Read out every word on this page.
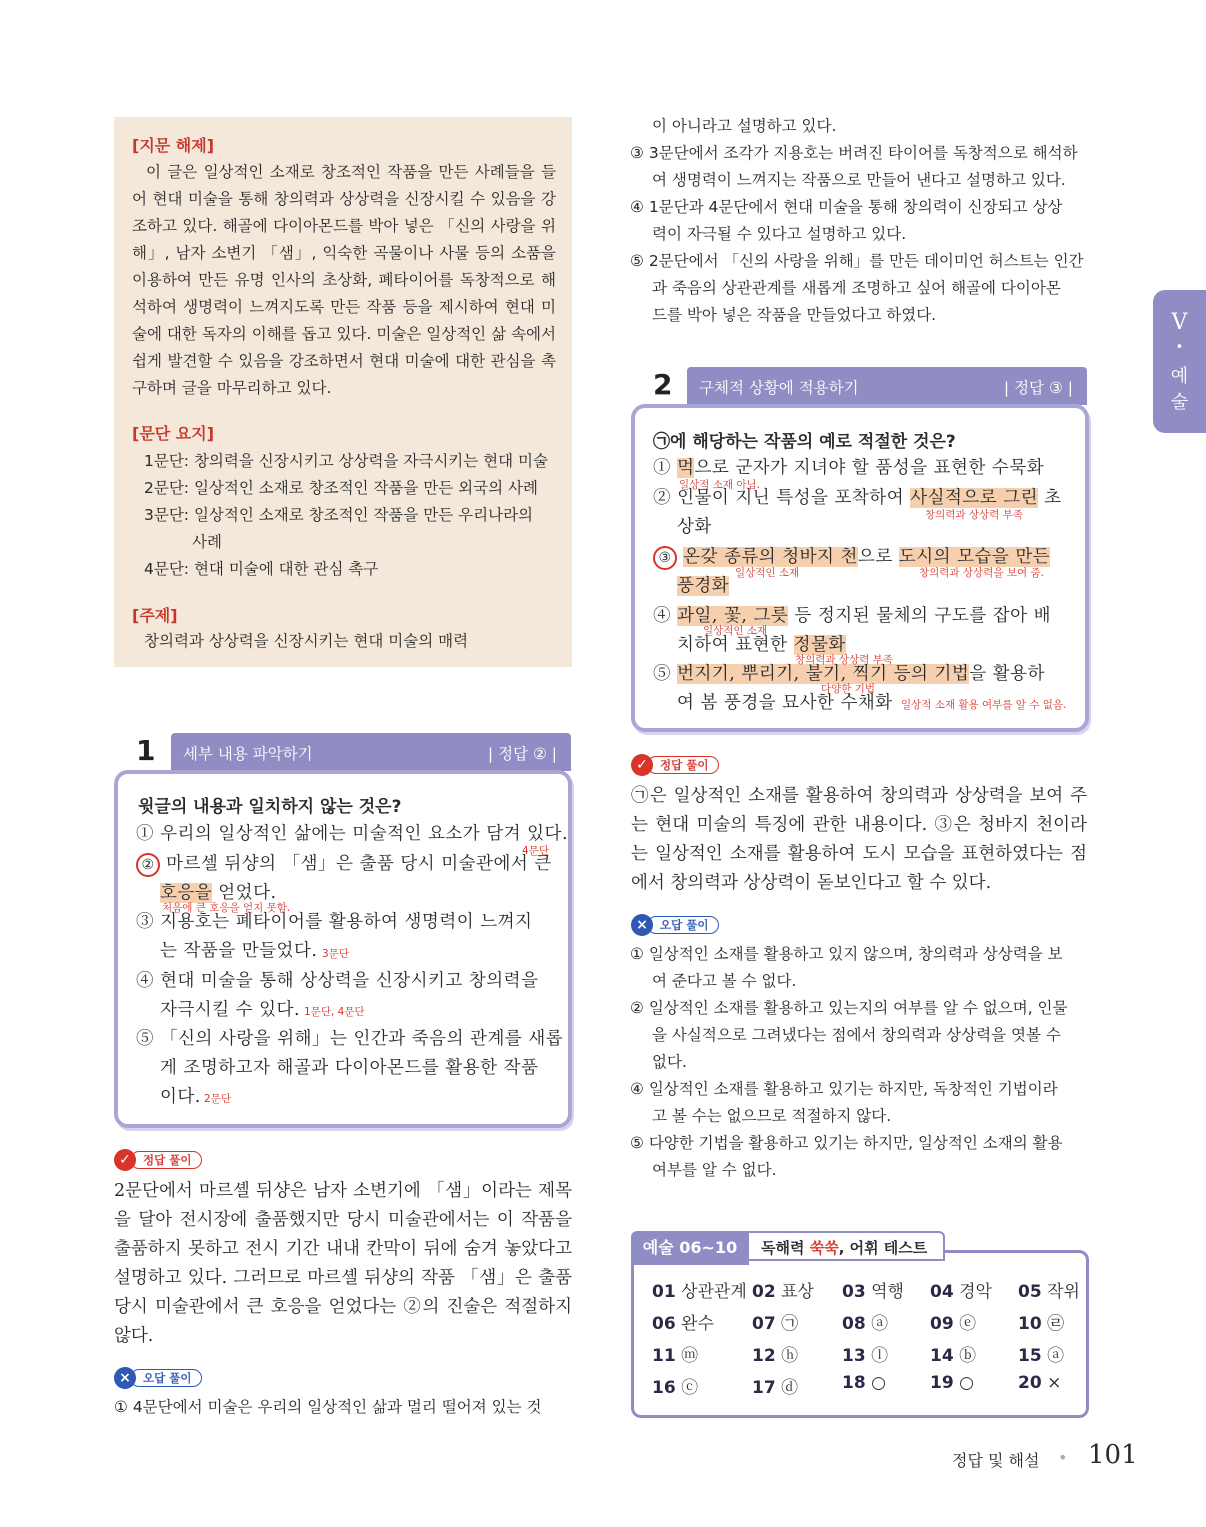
[지문 해제]
이 글은 일상적인 소재로 창조적인 작품을 만든 사례들을 들어 현대 미술을 통해 창의력과 상상력을 신장시킬 수 있음을 강조하고 있다. 해골에 다이아몬드를 박아 넣은 「신의 사랑을 위해」, 남자 소변기 「샘」, 익숙한 곡물이나 사물 등의 소품을 이용하여 만든 유명 인사의 초상화, 폐타이어를 독창적으로 해석하여 생명력이 느껴지도록 만든 작품 등을 제시하여 현대 미술에 대한 독자의 이해를 돕고 있다. 미술은 일상적인 삶 속에서 쉽게 발견할 수 있음을 강조하면서 현대 미술에 대한 관심을 촉구하며 글을 마무리하고 있다.
[문단 요지]
1문단: 창의력을 신장시키고 상상력을 자극시키는 현대 미술
2문단: 일상적인 소재로 창조적인 작품을 만든 외국의 사례
3문단: 일상적인 소재로 창조적인 작품을 만든 우리나라의
사례
4문단: 현대 미술에 대한 관심 촉구
[주제]
창의력과 상상력을 신장시키는 현대 미술의 매력
1 세부 내용 파악하기	| 정답 ② |
윗글의 내용과 일치하지 않는 것은?
① 우리의 일상적인 삶에는 미술적인 요소가 담겨 있다.
② 마르셀 뒤샹의 「샘」은 출품 당시 미술관에서 큰
호응을 얻었다.
③ 지용호는 폐타이어를 활용하여 생명력이 느껴지
는 작품을 만들었다.
④ 현대 미술을 통해 상상력을 신장시키고 창의력을
자극시킬 수 있다.
⑤ 「신의 사랑을 위해」는 인간과 죽음의 관계를 새롭
게 조명하고자 해골과 다이아몬드를 활용한 작품
이다.
4문단
처음에 큰 호응을 얻지 못함.
3문단
1문단, 4문단
2문단
정답 풀이
✓
2문단에서 마르셸 뒤샹은 남자 소변기에 「샘」이라는 제목을 달아 전시장에 출품했지만 당시 미술관에서는 이 작품을 출품하지 못하고 전시 기간 내내 칸막이 뒤에 숨겨 놓았다고 설명하고 있다. 그러므로 마르셸 뒤샹의 작품 「샘」은 출품 당시 미술관에서 큰 호응을 얻었다는 ②의 진술은 적절하지 않다.
오답 풀이
×
① 4문단에서 미술은 우리의 일상적인 삶과 멀리 떨어져 있는 것
이 아니라고 설명하고 있다.
③ 3문단에서 조각가 지용호는 버려진 타이어를 독창적으로 해석하
여 생명력이 느껴지는 작품으로 만들어 낸다고 설명하고 있다.
④ 1문단과 4문단에서 현대 미술을 통해 창의력이 신장되고 상상
력이 자극될 수 있다고 설명하고 있다.
⑤ 2문단에서 「신의 사랑을 위해」를 만든 데이미언 허스트는 인간
과 죽음의 상관관계를 새롭게 조명하고 싶어 해골에 다이아몬
드를 박아 넣은 작품을 만들었다고 하였다.
2 구체적 상황에 적용하기	| 정답 ③ |
㉠에 해당하는 작품의 예로 적절한 것은?
① 먹으로 군자가 지녀야 할 품성을 표현한 수묵화
② 인물이 지닌 특성을 포착하여 사실적으로 그린 초
상화
③ 온갖 종류의 청바지 천으로 도시의 모습을 만든
풍경화
④ 과일, 꽃, 그릇 등 정지된 물체의 구도를 잡아 배
치하여 표현한 정물화
⑤ 번지기, 뿌리기, 불기, 찍기 등의 기법을 활용하
여 봄 풍경을 묘사한 수채화
일상적 소재 아님.
창의력과 상상력 부족
일상적인 소재	창의력과 상상력을 보여 줌.
일상적인 소재
창의력과 상상력 부족
다양한 기법
일상적 소재 활용 여부를 알 수 없음.
정답 풀이
✓
㉠은 일상적인 소재를 활용하여 창의력과 상상력을 보여 주는 현대 미술의 특징에 관한 내용이다. ③은 청바지 천이라는 일상적인 소재를 활용하여 도시 모습을 표현하였다는 점에서 창의력과 상상력이 돋보인다고 할 수 있다.
오답 풀이
×
① 일상적인 소재를 활용하고 있지 않으며, 창의력과 상상력을 보
여 준다고 볼 수 없다.
② 일상적인 소재를 활용하고 있는지의 여부를 알 수 없으며, 인물
을 사실적으로 그려냈다는 점에서 창의력과 상상력을 엿볼 수
없다.
④ 일상적인 소재를 활용하고 있기는 하지만, 독창적인 기법이라
고 볼 수는 없으므로 적절하지 않다.
⑤ 다양한 기법을 활용하고 있기는 하지만, 일상적인 소재의 활용
여부를 알 수 없다.
V
•
예
술
예술 06~10	독해력 쑥쑥, 어휘 테스트
01 상관관계 02 표상 03 역행 04 경악 05 작위
06 완수 07 ㉠	08 ⓐ 09 ⓔ 10 ㉣
11 ⓜ	12 ⓗ	13 ⓛ 14 ⓑ 15 ⓐ
16 ⓒ	17 ⓓ	18 ○	19 ○	20 ×
정답 및 해설 • 101
